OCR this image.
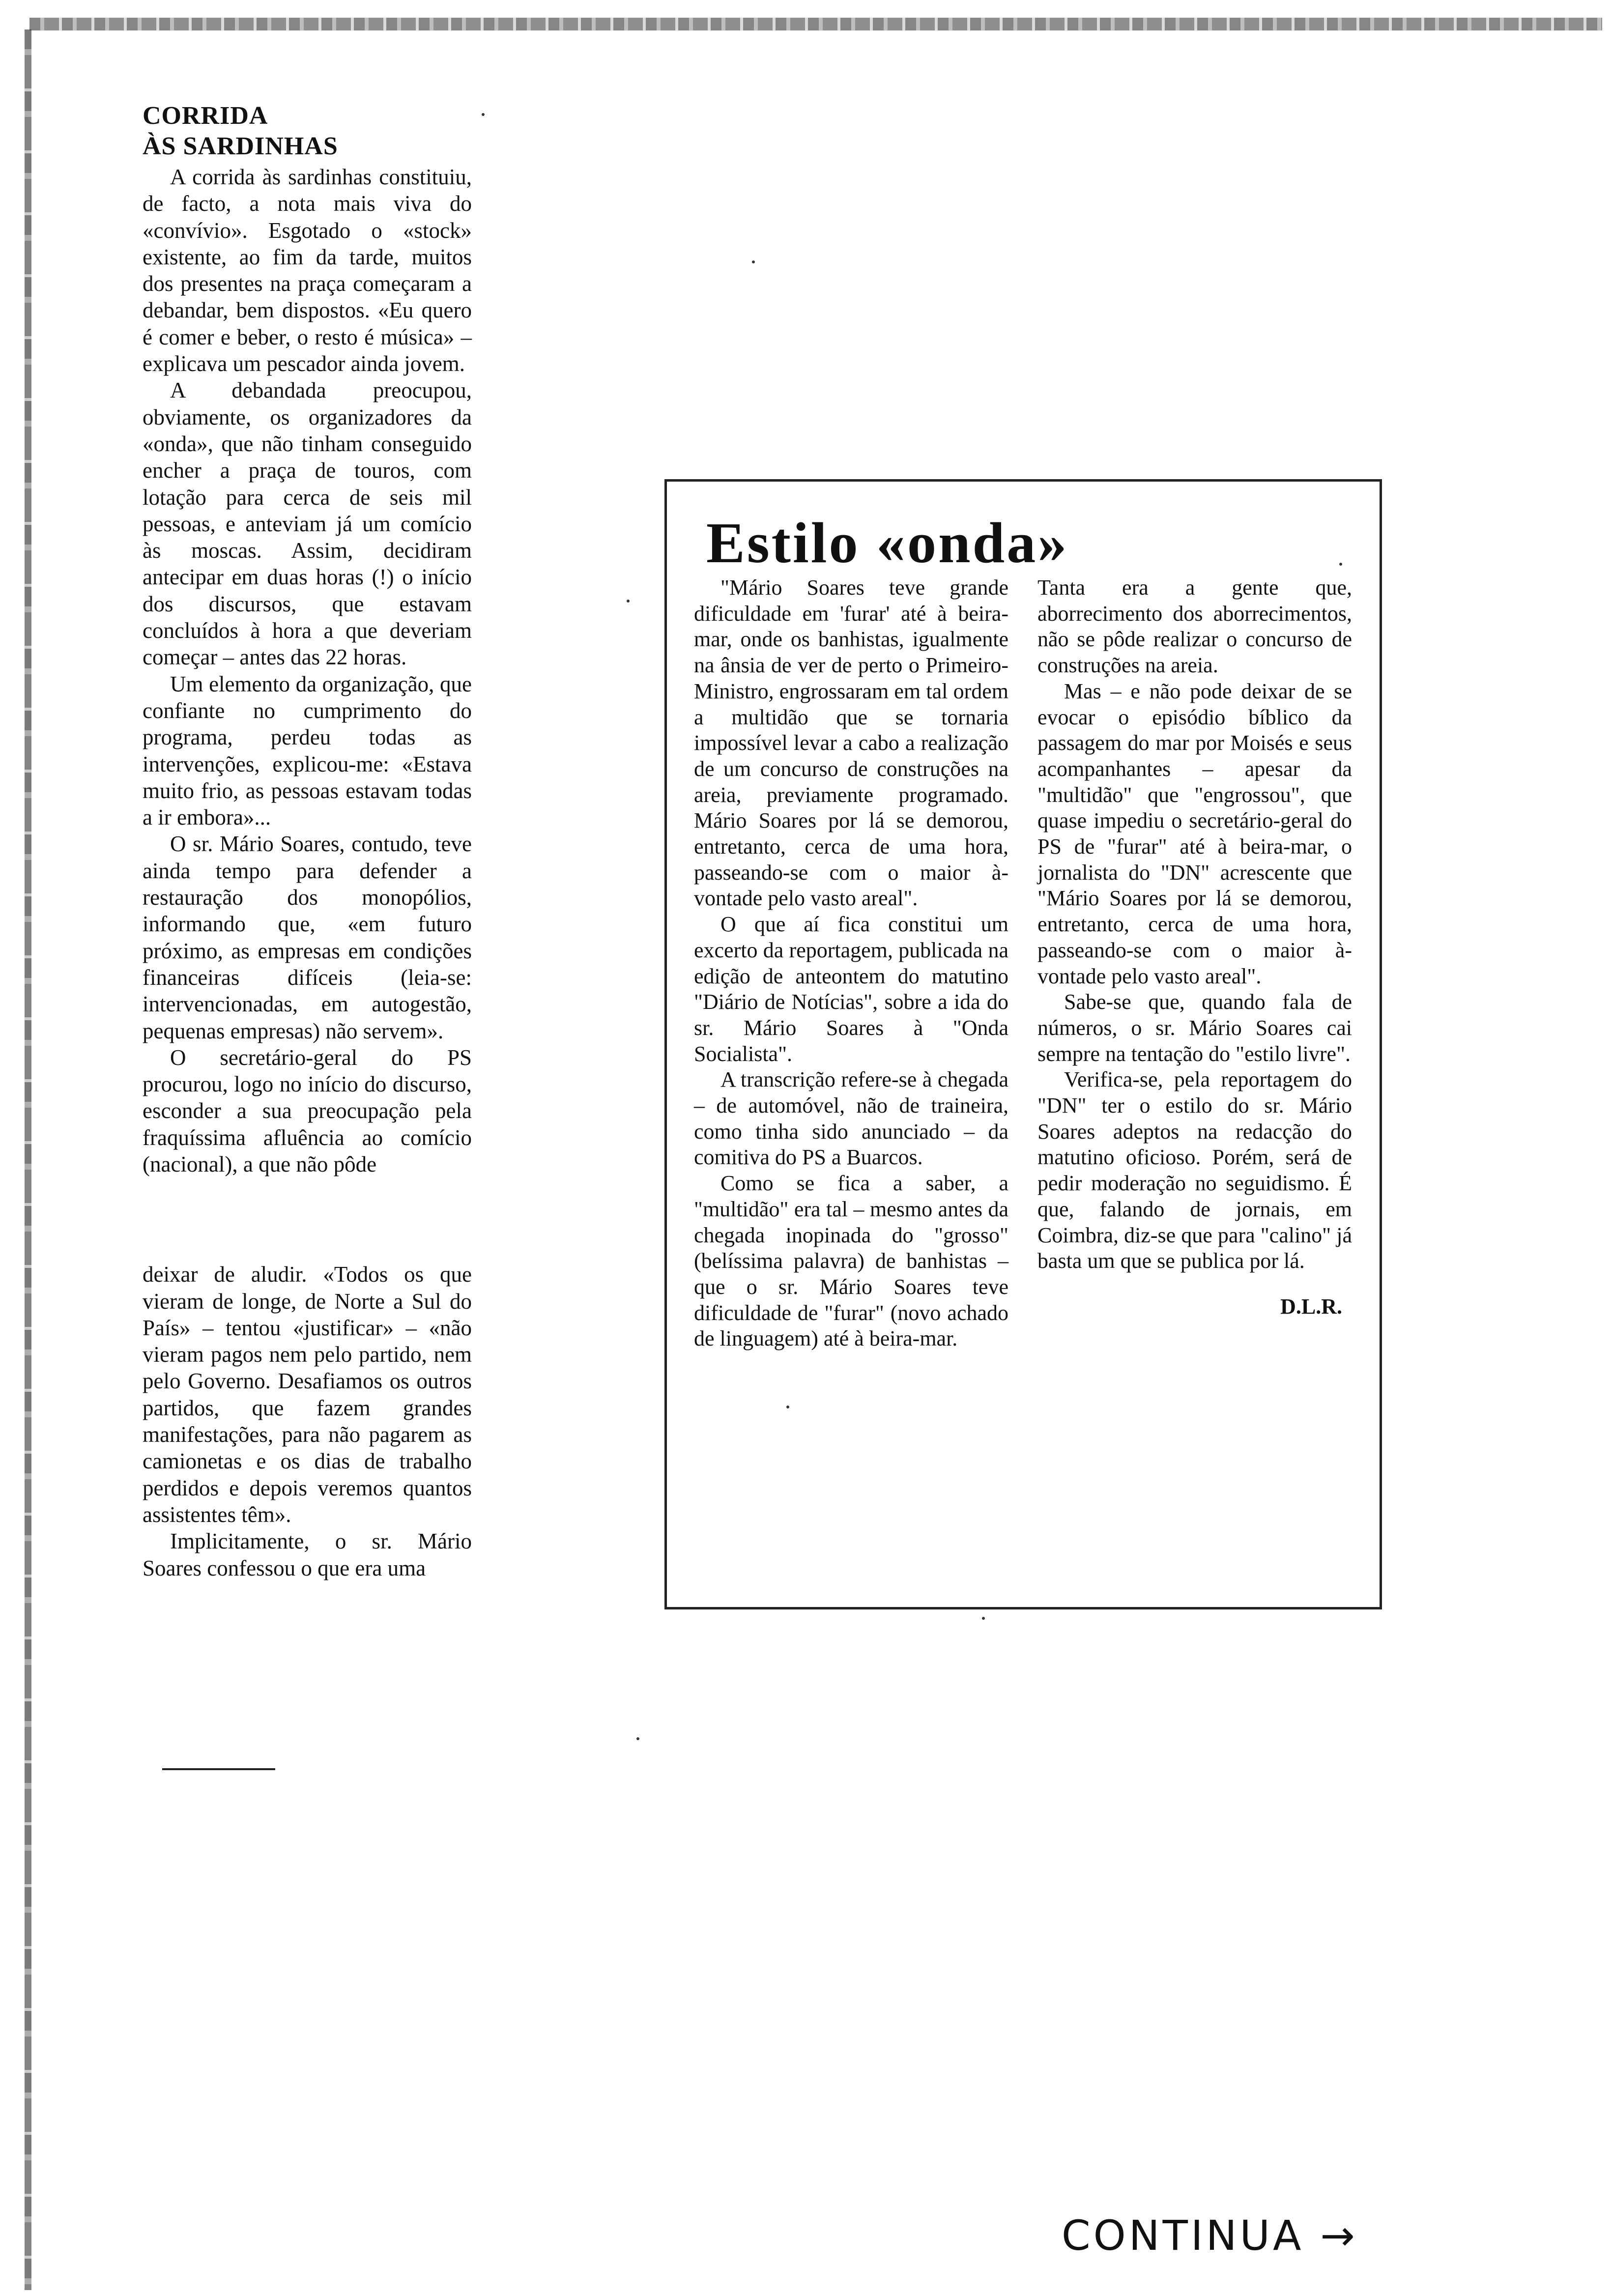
CORRIDA
ÀS SARDINHAS

A corrida às sardinhas constituiu, de facto, a nota mais viva do «convívio». Esgotado o «stock» existente, ao fim da tarde, muitos dos presentes na praça começaram a debandar, bem dispostos. «Eu quero é comer e beber, o resto é música» – explicava um pescador ainda jovem.

A debandada preocupou, obviamente, os organizadores da «onda», que não tinham conseguido encher a praça de touros, com lotação para cerca de seis mil pessoas, e anteviam já um comício às moscas. Assim, decidiram antecipar em duas horas (!) o início dos discursos, que estavam concluídos à hora a que deveriam começar – antes das 22 horas.

Um elemento da organização, que confiante no cumprimento do programa, perdeu todas as intervenções, explicou-me: «Estava muito frio, as pessoas estavam todas a ir embora»...

O sr. Mário Soares, contudo, teve ainda tempo para defender a restauração dos monopólios, informando que, «em futuro próximo, as empresas em condições financeiras difíceis (leia-se: intervencionadas, em autogestão, pequenas empresas) não servem».

O secretário-geral do PS procurou, logo no início do discurso, esconder a sua preocupação pela fraquíssima afluência ao comício (nacional), a que não pôde

deixar de aludir. «Todos os que vieram de longe, de Norte a Sul do País» – tentou «justificar» – «não vieram pagos nem pelo partido, nem pelo Governo. Desafiamos os outros partidos, que fazem grandes manifestações, para não pagarem as camionetas e os dias de trabalho perdidos e depois veremos quantos assistentes têm».

Implicitamente, o sr. Mário Soares confessou o que era uma

Estilo «onda»

"Mário Soares teve grande dificuldade em 'furar' até à beira-mar, onde os banhistas, igualmente na ânsia de ver de perto o Primeiro-Ministro, engrossaram em tal ordem a multidão que se tornaria impossível levar a cabo a realização de um concurso de construções na areia, previamente programado. Mário Soares por lá se demorou, entretanto, cerca de uma hora, passeando-se com o maior à-vontade pelo vasto areal".

O que aí fica constitui um excerto da reportagem, publicada na edição de anteontem do matutino "Diário de Notícias", sobre a ida do sr. Mário Soares à "Onda Socialista".

A transcrição refere-se à chegada – de automóvel, não de traineira, como tinha sido anunciado – da comitiva do PS a Buarcos.

Como se fica a saber, a "multidão" era tal – mesmo antes da chegada inopinada do "grosso" (belíssima palavra) de banhistas – que o sr. Mário Soares teve dificuldade de "furar" (novo achado de linguagem) até à beira-mar.

Tanta era a gente que, aborrecimento dos aborrecimentos, não se pôde realizar o concurso de construções na areia.

Mas – e não pode deixar de se evocar o episódio bíblico da passagem do mar por Moisés e seus acompanhantes – apesar da "multidão" que "engrossou", que quase impediu o secretário-geral do PS de "furar" até à beira-mar, o jornalista do "DN" acrescente que "Mário Soares por lá se demorou, entretanto, cerca de uma hora, passeando-se com o maior à-vontade pelo vasto areal".

Sabe-se que, quando fala de números, o sr. Mário Soares cai sempre na tentação do "estilo livre".

Verifica-se, pela reportagem do "DN" ter o estilo do sr. Mário Soares adeptos na redacção do matutino oficioso. Porém, será de pedir moderação no seguidismo. É que, falando de jornais, em Coimbra, diz-se que para "calino" já basta um que se publica por lá.

D.L.R.
CONTINUA →
